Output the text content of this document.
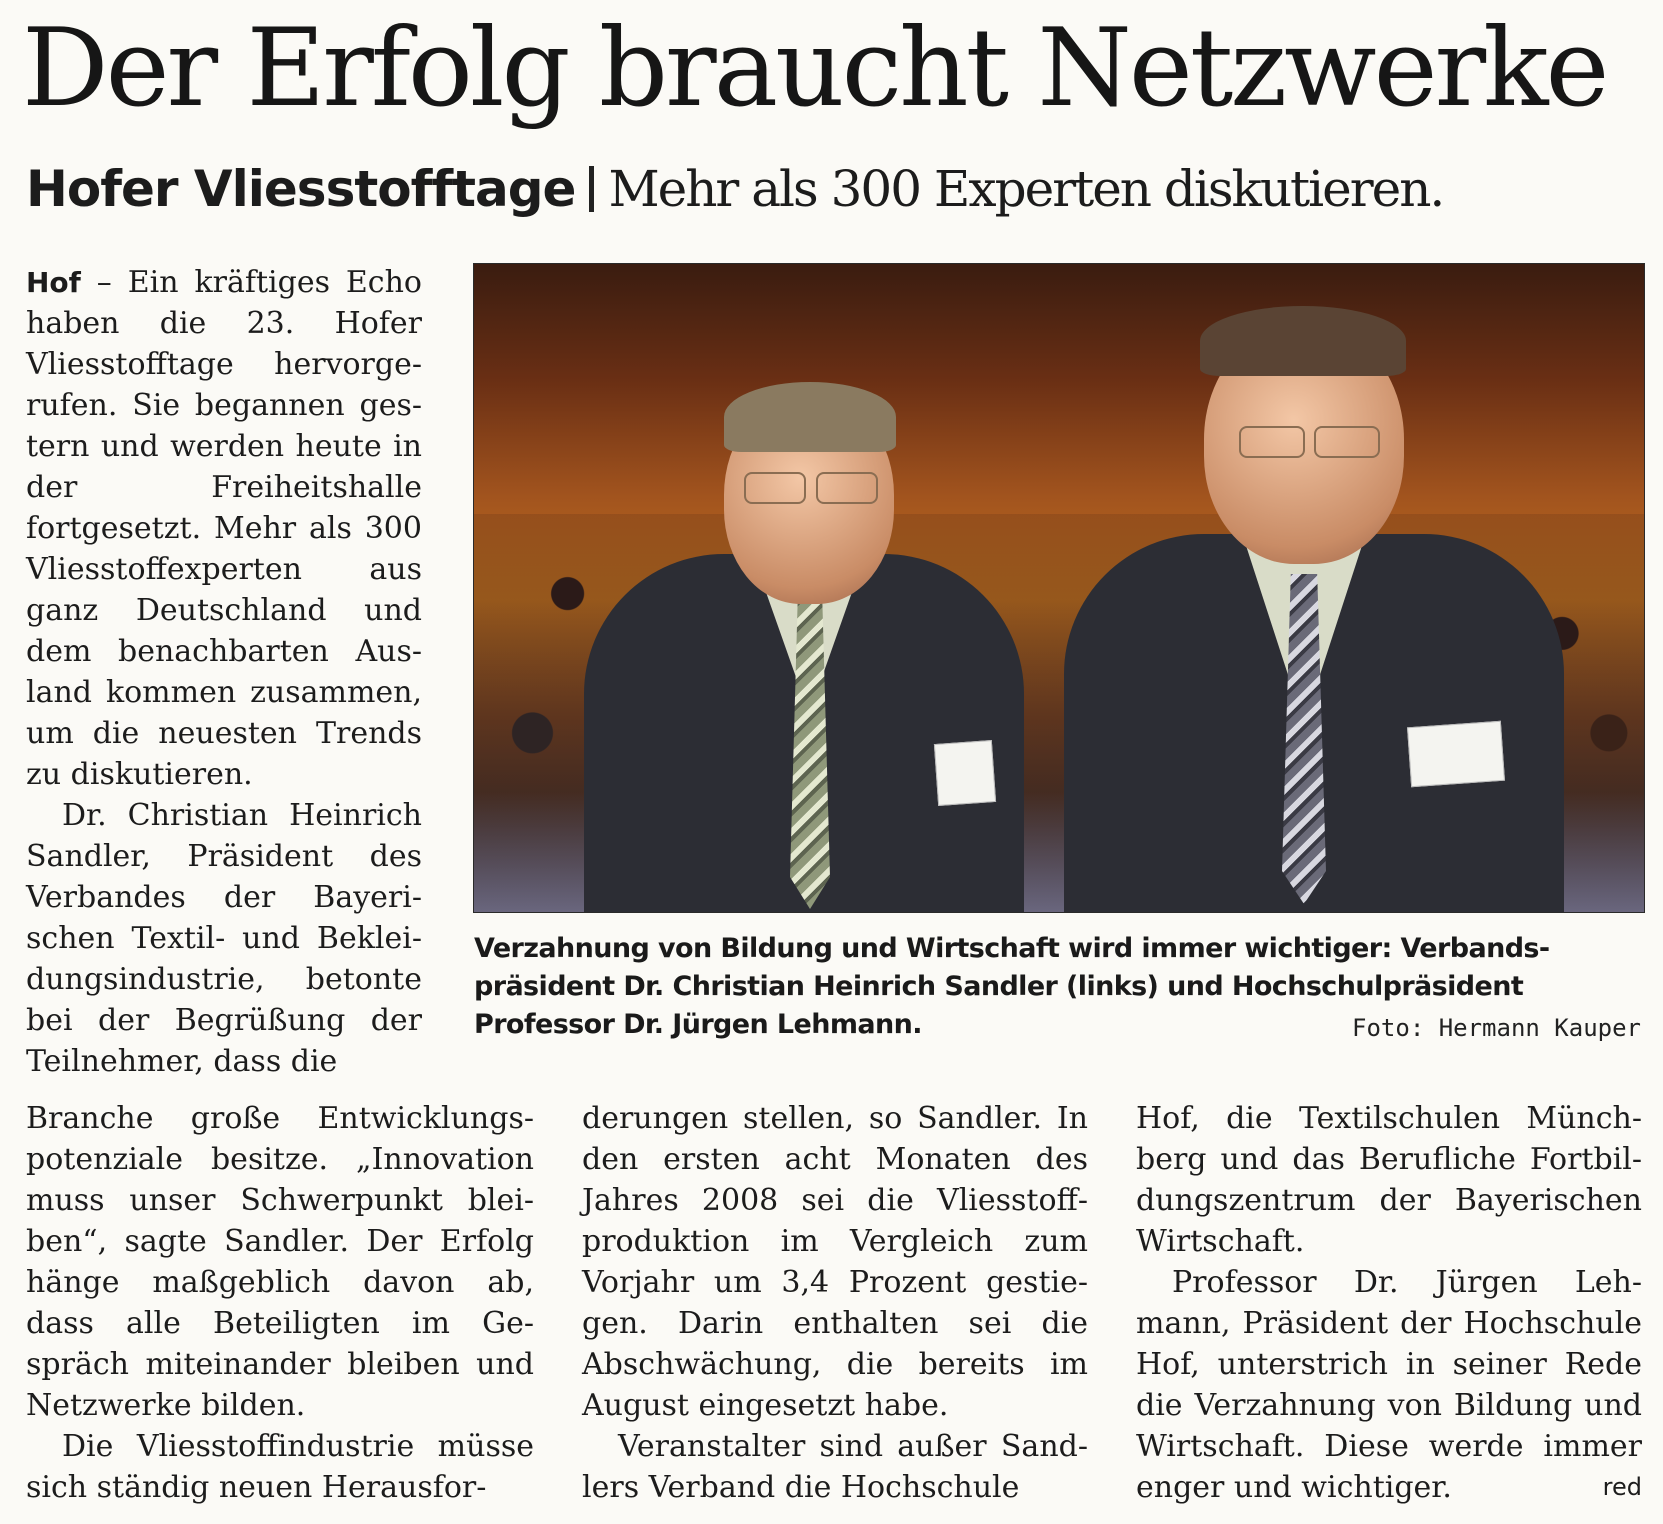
Der Erfolg braucht Netzwerke
Hofer Vliesstofftage Mehr als 300 Experten diskutieren.

Hof – Ein kräftiges Echo haben die 23. Hofer Vliesstofftage hervorgerufen. Sie begannen gestern und werden heute in der Freiheitshalle fortgesetzt. Mehr als 300 Vliesstoffexperten aus ganz Deutschland und dem benachbarten Ausland kommen zusammen, um die neuesten Trends zu diskutieren.

Dr. Christian Heinrich Sandler, Präsident des Verbandes der Bayerischen Textil- und Bekleidungsindustrie, betonte bei der Begrüßung der Teilnehmer, dass die

Branche große Entwicklungspotenziale besitze. „Innovation muss unser Schwerpunkt bleiben“, sagte Sandler. Der Erfolg hänge maßgeblich davon ab, dass alle Beteiligten im Gespräch miteinander bleiben und Netzwerke bilden.

Die Vliesstoffindustrie müsse sich ständig neuen Herausfor-

derungen stellen, so Sandler. In den ersten acht Monaten des Jahres 2008 sei die Vliesstoffproduktion im Vergleich zum Vorjahr um 3,4 Prozent gestiegen. Darin enthalten sei die Abschwächung, die bereits im August eingesetzt habe.

Veranstalter sind außer Sandlers Verband die Hochschule

Hof, die Textilschulen Münchberg und das Berufliche Fortbildungszentrum der Bayerischen Wirtschaft.

Professor Dr. Jürgen Lehmann, Präsident der Hochschule Hof, unterstrich in seiner Rede die Verzahnung von Bildung und Wirtschaft. Diese werde immer enger und wichtiger.	red

Verzahnung von Bildung und Wirtschaft wird immer wichtiger: Verbandspräsident Dr. Christian Heinrich Sandler (links) und Hochschulpräsident Professor Dr. Jürgen Lehmann.	Foto: Hermann Kauper
